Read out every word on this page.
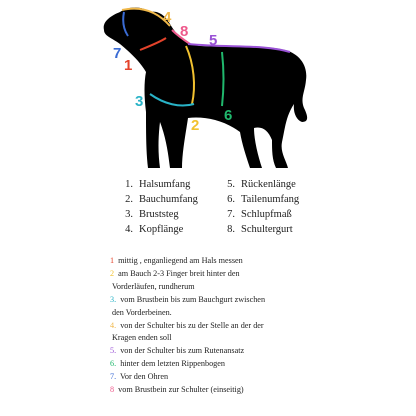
4
8
5
7
1
3
6
2
1. Halsumfang	5. Rückenlänge
2. Bauchumfang	6. Tailenumfang
3. Bruststeg	7. Schlupfmaß
4. Kopflänge	8. Schultergurt
1 mittig , enganliegend am Hals messen
2 am Bauch 2-3 Finger breit hinter den
Vorderläufen, rundherum
3. vom Brustbein bis zum Bauchgurt zwischen
den Vorderbeinen.
4. von der Schulter bis zu der Stelle an der der
Kragen enden soll
5. von der Schulter bis zum Rutenansatz
6. hinter dem letzten Rippenbogen
7. Vor den Ohren
8 vom Brustbein zur Schulter (einseitig)
